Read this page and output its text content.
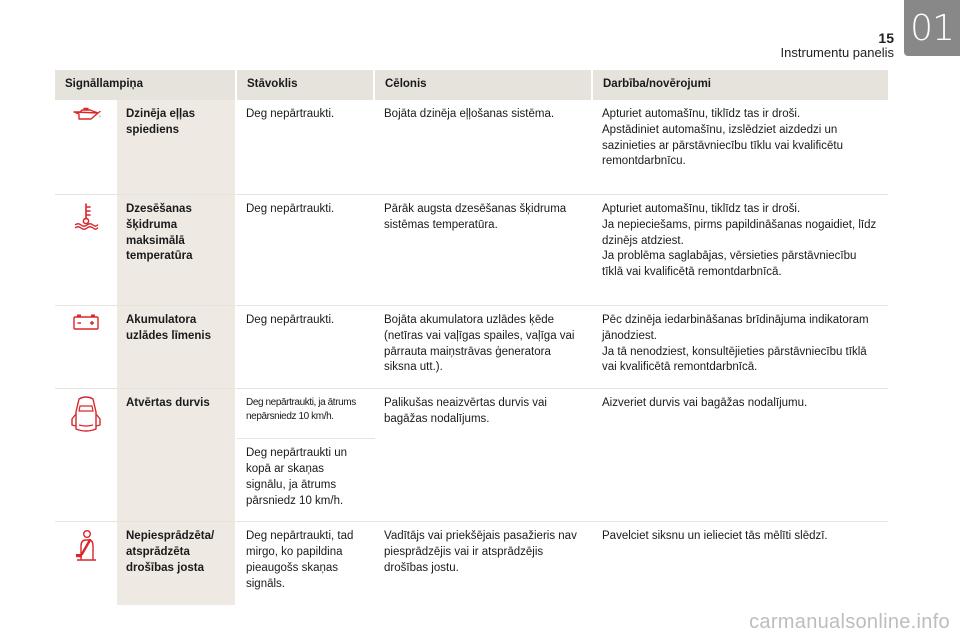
15
Instrumentu panelis
01
Signāllampiņa		Stāvoklis	Cēlonis	Darbība/novērojumi

	Dzinēja eļļas spiediens	Deg nepārtraukti.	Bojāta dzinēja eļļošanas sistēma.	Apturiet automašīnu, tiklīdz tas ir droši.
Apstādiniet automašīnu, izslēdziet aizdedzi un sazinieties ar pārstāvniecību tīklu vai kvalificētu remontdarbnīcu.

	Dzesēšanas šķidruma maksimālā temperatūra	Deg nepārtraukti.	Pārāk augsta dzesēšanas šķidruma sistēmas temperatūra.	Apturiet automašīnu, tiklīdz tas ir droši.
Ja nepieciešams, pirms papildināšanas nogaidiet, līdz dzinējs atdziest.
Ja problēma saglabājas, vērsieties pārstāvniecību tīklā vai kvalificētā remontdarbnīcā.

	Akumulatora uzlādes līmenis	Deg nepārtraukti.	Bojāta akumulatora uzlādes ķēde (netīras vai vaļīgas spailes, vaļīga vai pārrauta maiņstrāvas ģeneratora siksna utt.).	Pēc dzinēja iedarbināšanas brīdinājuma indikatoram jānodziest.
Ja tā nenodziest, konsultējieties pārstāvniecību tīklā vai kvalificētā remontdarbnīcā.

	Atvērtas durvis	Deg nepārtraukti, ja ātrums nepārsniedz 10 km/h.	Palikušas neaizvērtas durvis vai bagāžas nodalījums.	Aizveriet durvis vai bagāžas nodalījumu.

		Deg nepārtraukti un kopā ar skaņas signālu, ja ātrums pārsniedz 10 km/h.		

	Nepiesprādzēta/ atsprādzēta drošības josta	Deg nepārtraukti, tad mirgo, ko papildina pieaugošs skaņas signāls.	Vadītājs vai priekšējais pasažieris nav piesprādzējis vai ir atsprādzējis drošības jostu.	Pavelciet siksnu un ielieciet tās mēlīti slēdzī.
carmanualsonline.info
